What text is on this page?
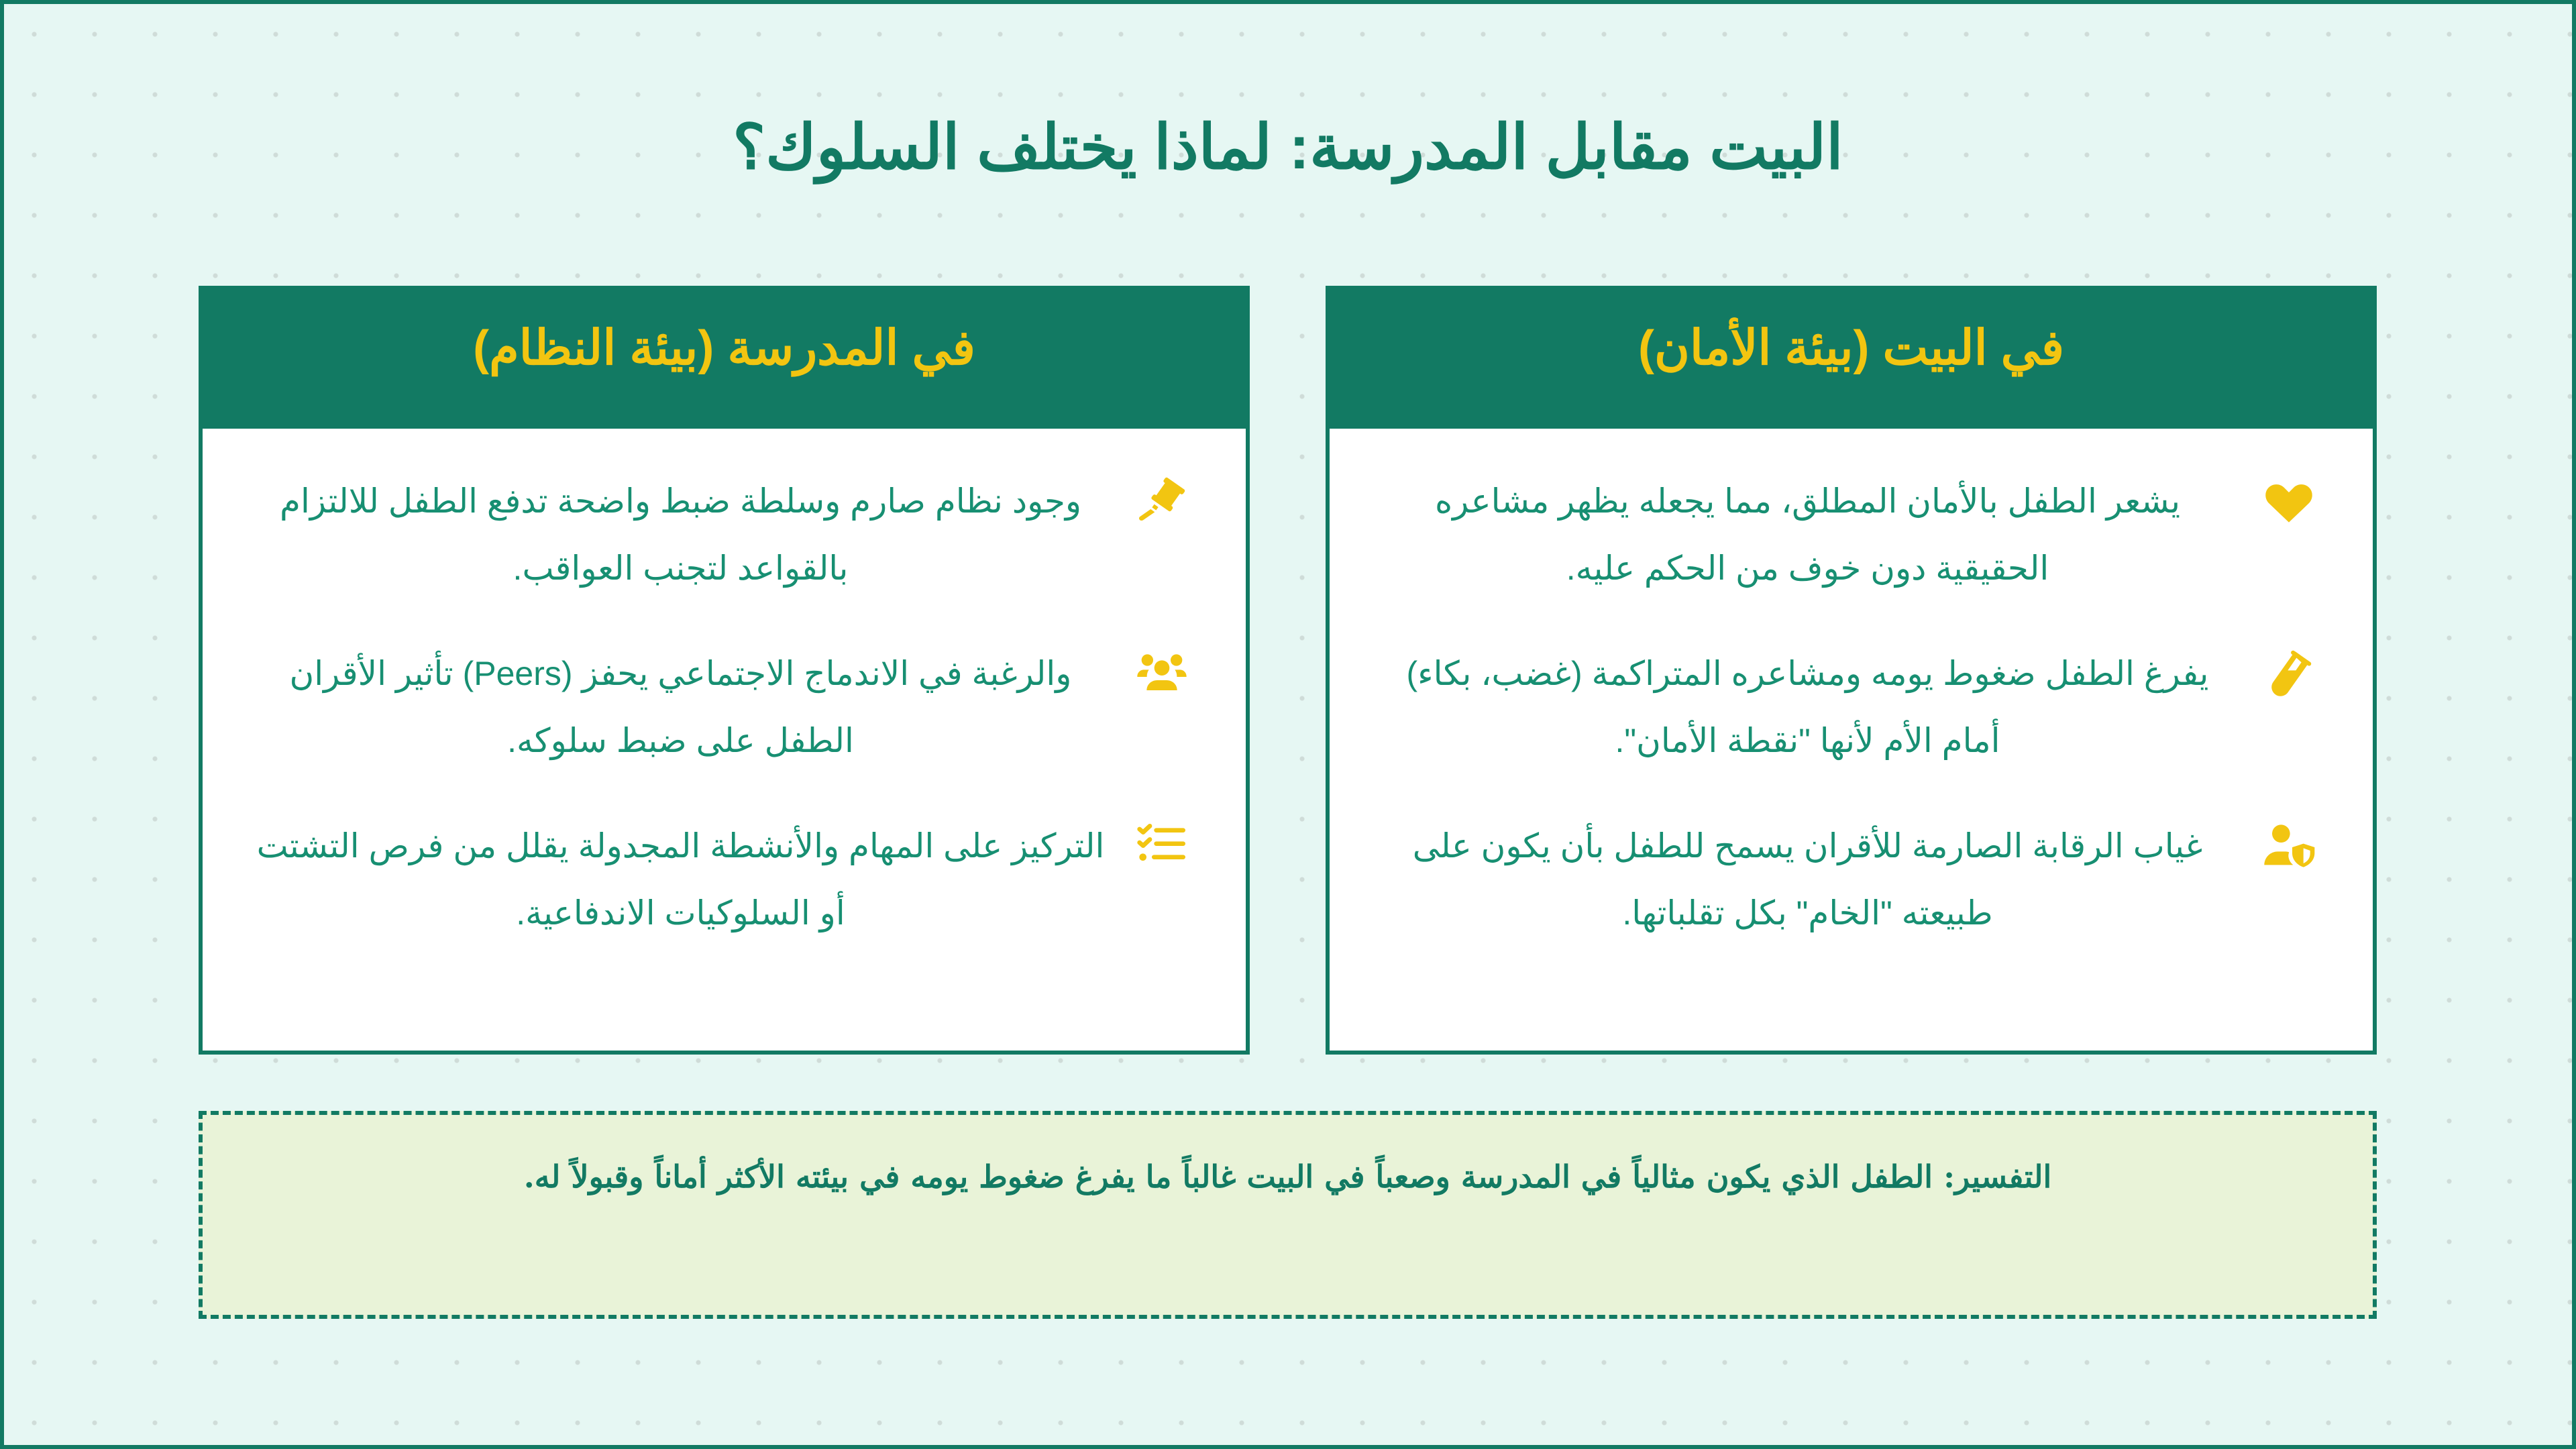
البيت مقابل المدرسة: لماذا يختلف السلوك؟
في البيت (بيئة الأمان)

يشعر الطفل بالأمان المطلق، مما يجعله يظهر مشاعره الحقيقية دون خوف من الحكم عليه.

يفرغ الطفل ضغوط يومه ومشاعره المتراكمة (غضب، بكاء) أمام الأم لأنها "نقطة الأمان".

غياب الرقابة الصارمة للأقران يسمح للطفل بأن يكون على طبيعته "الخام" بكل تقلباتها.

في المدرسة (بيئة النظام)

وجود نظام صارم وسلطة ضبط واضحة تدفع الطفل للالتزام بالقواعد لتجنب العواقب.

والرغبة في الاندماج الاجتماعي يحفز (Peers) تأثير الأقران الطفل على ضبط سلوكه.

التركيز على المهام والأنشطة المجدولة يقلل من فرص التشتت أو السلوكيات الاندفاعية.

التفسير: الطفل الذي يكون مثالياً في المدرسة وصعباً في البيت غالباً ما يفرغ ضغوط يومه في بيئته الأكثر أماناً وقبولاً له.
